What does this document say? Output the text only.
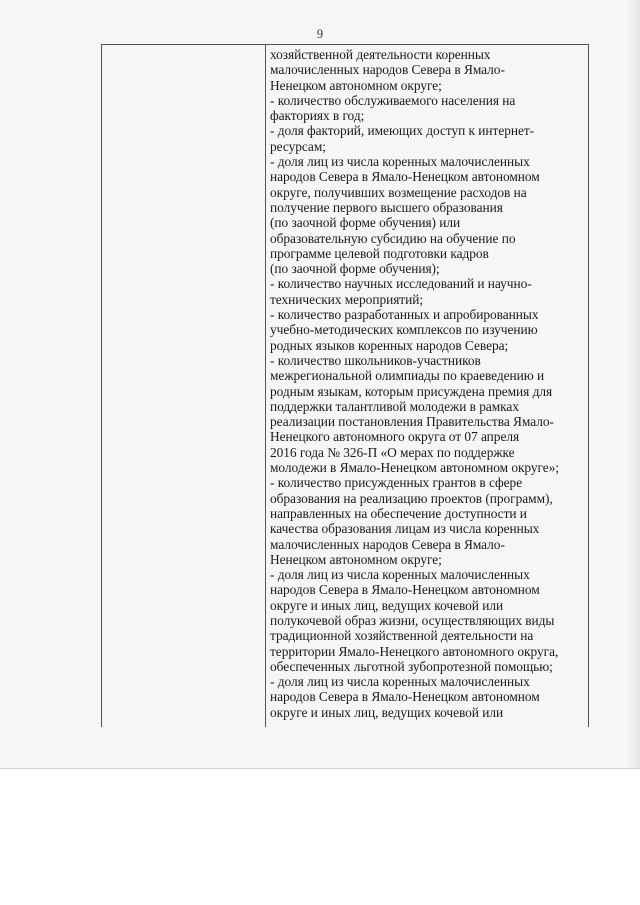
9
хозяйственной деятельности коренных
малочисленных народов Севера в Ямало-
Ненецком автономном округе;
- количество обслуживаемого населения на
факториях в год;
- доля факторий, имеющих доступ к интернет-
ресурсам;
- доля лиц из числа коренных малочисленных
народов Севера в Ямало-Ненецком автономном
округе, получивших возмещение расходов на
получение первого высшего образования
(по заочной форме обучения) или
образовательную субсидию на обучение по
программе целевой подготовки кадров
(по заочной форме обучения);
- количество научных исследований и научно-
технических мероприятий;
- количество разработанных и апробированных
учебно-методических комплексов по изучению
родных языков коренных народов Севера;
- количество школьников-участников
межрегиональной олимпиады по краеведению и
родным языкам, которым присуждена премия для
поддержки талантливой молодежи в рамках
реализации постановления Правительства Ямало-
Ненецкого автономного округа от 07 апреля
2016 года № 326-П «О мерах по поддержке
молодежи в Ямало-Ненецком автономном округе»;
- количество присужденных грантов в сфере
образования на реализацию проектов (программ),
направленных на обеспечение доступности и
качества образования лицам из числа коренных
малочисленных народов Севера в Ямало-
Ненецком автономном округе;
- доля лиц из числа коренных малочисленных
народов Севера в Ямало-Ненецком автономном
округе и иных лиц, ведущих кочевой или
полукочевой образ жизни, осуществляющих виды
традиционной хозяйственной деятельности на
территории Ямало-Ненецкого автономного округа,
обеспеченных льготной зубопротезной помощью;
- доля лиц из числа коренных малочисленных
народов Севера в Ямало-Ненецком автономном
округе и иных лиц, ведущих кочевой или
